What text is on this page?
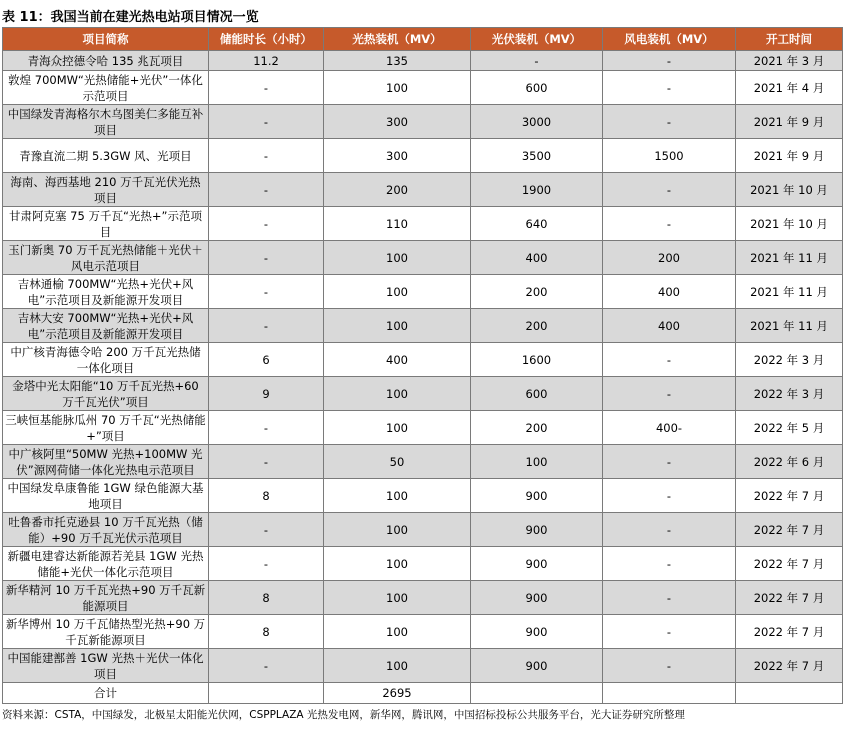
表 11：我国当前在建光热电站项目情况一览
项目简称	储能时长（小时）	光热装机（MV）	光伏装机（MV）	风电装机（MV）	开工时间
青海众控德令哈 135 兆瓦项目	11.2	135	-	-	2021 年 3 月
敦煌 700MW“光热储能+光伏”一体化示范项目	-	100	600	-	2021 年 4 月
中国绿发青海格尔木乌图美仁多能互补项目	-	300	3000	-	2021 年 9 月
青豫直流二期 5.3GW 风、光项目	-	300	3500	1500	2021 年 9 月
海南、海西基地 210 万千瓦光伏光热项目	-	200	1900	-	2021 年 10 月
甘肃阿克塞 75 万千瓦“光热+”示范项目	-	110	640	-	2021 年 10 月
玉门新奥 70 万千瓦光热储能＋光伏＋风电示范项目	-	100	400	200	2021 年 11 月
吉林通榆 700MW“光热+光伏+风电”示范项目及新能源开发项目	-	100	200	400	2021 年 11 月
吉林大安 700MW“光热+光伏+风电”示范项目及新能源开发项目	-	100	200	400	2021 年 11 月
中广核青海德令哈 200 万千瓦光热储一体化项目	6	400	1600	-	2022 年 3 月
金塔中光太阳能“10 万千瓦光热+60 万千瓦光伏”项目	9	100	600	-	2022 年 3 月
三峡恒基能脉瓜州 70 万千瓦“光热储能+”项目	-	100	200	400-	2022 年 5 月
中广核阿里“50MW 光热+100MW 光伏”源网荷储一体化光热电示范项目	-	50	100	-	2022 年 6 月
中国绿发阜康鲁能 1GW 绿色能源大基地项目	8	100	900	-	2022 年 7 月
吐鲁番市托克逊县 10 万千瓦光热（储能）+90 万千瓦光伏示范项目	-	100	900	-	2022 年 7 月
新疆电建睿达新能源若羌县 1GW 光热储能+光伏一体化示范项目	-	100	900	-	2022 年 7 月
新华精河 10 万千瓦光热+90 万千瓦新能源项目	8	100	900	-	2022 年 7 月
新华博州 10 万千瓦储热型光热+90 万千瓦新能源项目	8	100	900	-	2022 年 7 月
中国能建鄯善 1GW 光热＋光伏一体化项目	-	100	900	-	2022 年 7 月
合计		2695			
资料来源：CSTA，中国绿发，北极星太阳能光伏网，CSPPLAZA 光热发电网，新华网，腾讯网，中国招标投标公共服务平台，光大证券研究所整理
